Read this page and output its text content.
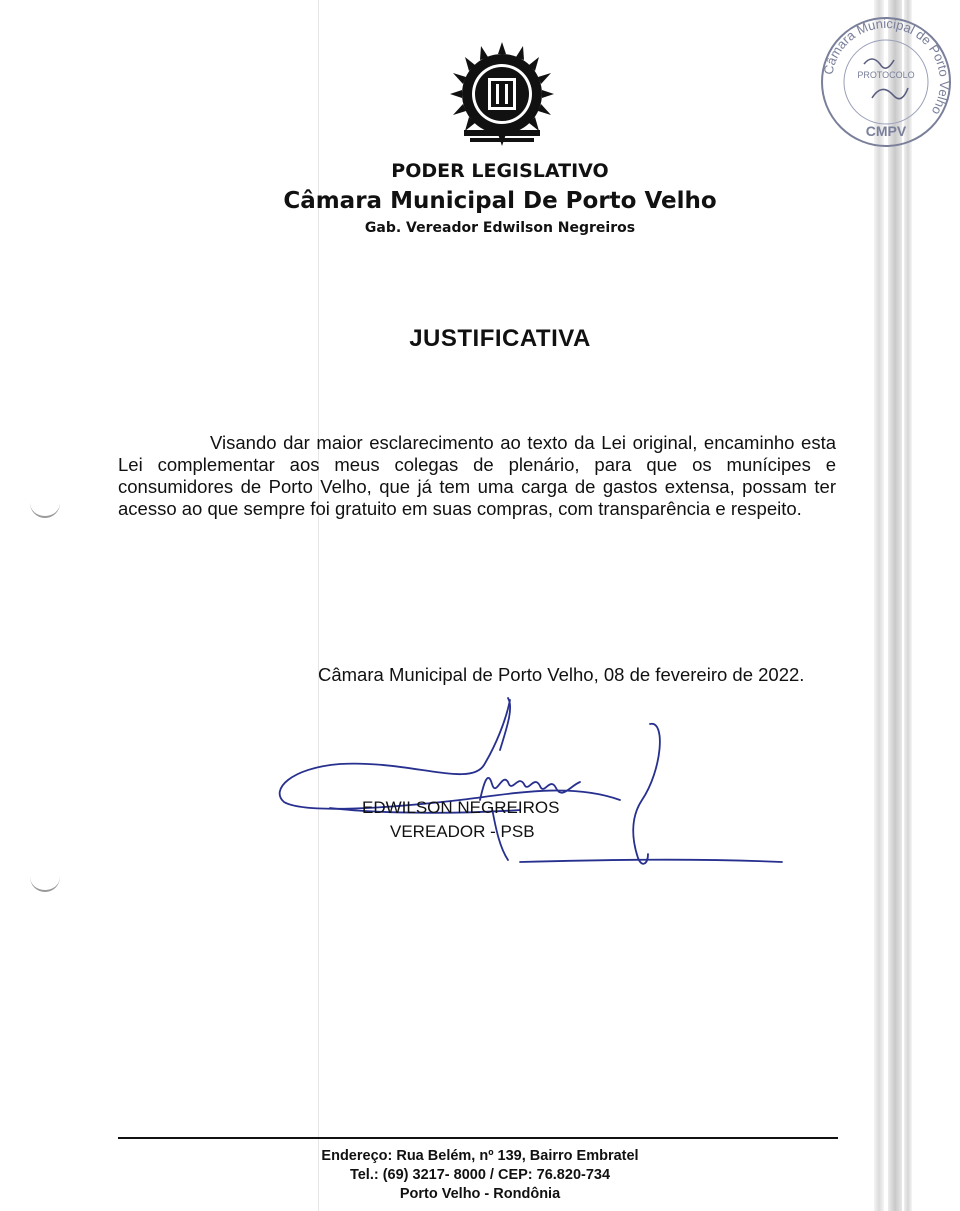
PODER LEGISLATIVO
Câmara Municipal De Porto Velho
Gab. Vereador Edwilson Negreiros
Câmara Municipal de Porto Velho
PROTOCOLO
CMPV
JUSTIFICATIVA

Visando dar maior esclarecimento ao texto da Lei original, encaminho esta Lei complementar aos meus colegas de plenário, para que os munícipes e consumidores de Porto Velho, que já tem uma carga de gastos extensa, possam ter acesso ao que sempre foi gratuito em suas compras, com transparência e respeito.

Câmara Municipal de Porto Velho, 08 de fevereiro de 2022.
EDWILSON NEGREIROS
VEREADOR - PSB
Endereço: Rua Belém, nº 139, Bairro Embratel
Tel.: (69) 3217- 8000 / CEP: 76.820-734
Porto Velho - Rondônia
